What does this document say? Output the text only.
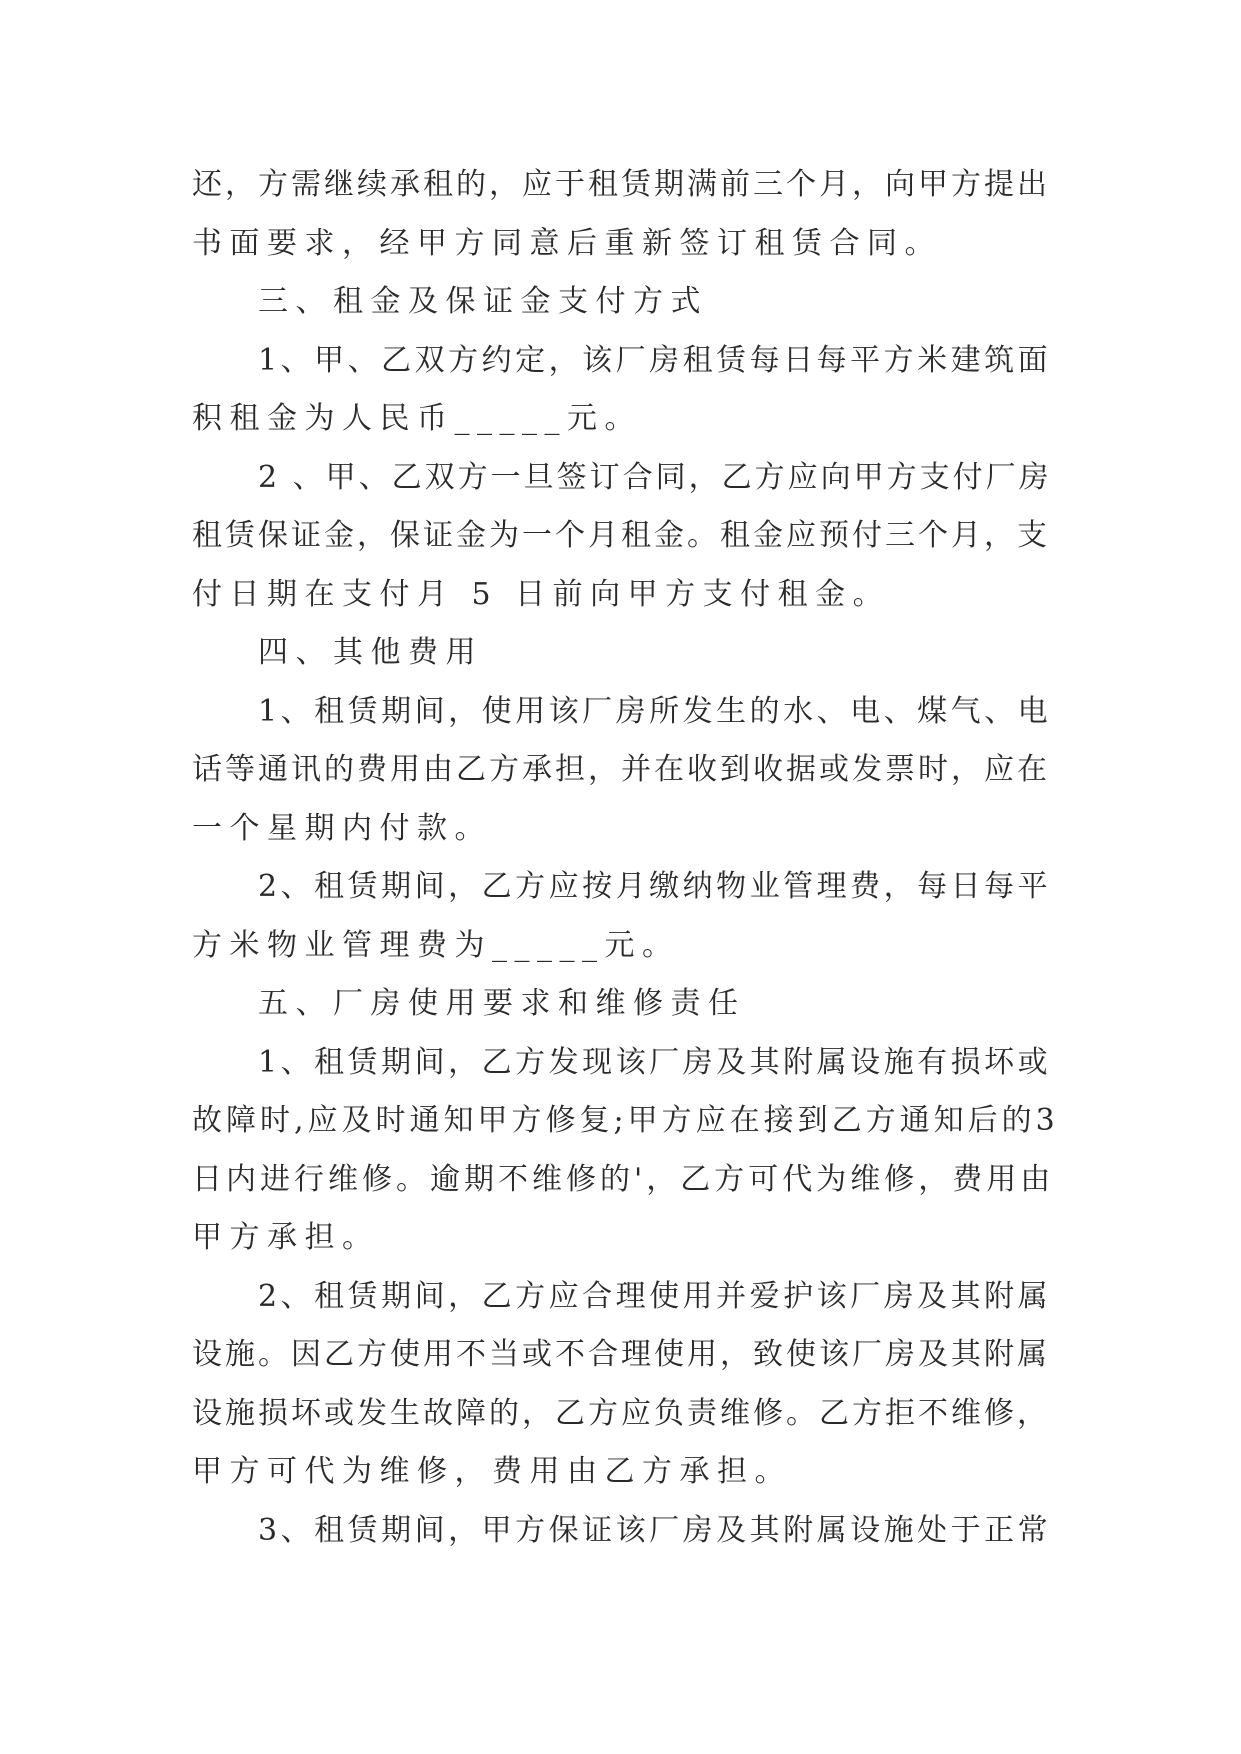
还，方需继续承租的，应于租赁期满前三个月，向甲方提出

书面要求，经甲方同意后重新签订租赁合同。

三、租金及保证金支付方式

1、甲、乙双方约定，该厂房租赁每日每平方米建筑面

积租金为人民币_____元。

2 、甲、乙双方一旦签订合同，乙方应向甲方支付厂房

租赁保证金，保证金为一个月租金。租金应预付三个月，支

付日期在支付月 5 日前向甲方支付租金。

四、其他费用

1、租赁期间，使用该厂房所发生的水、电、煤气、电

话等通讯的费用由乙方承担，并在收到收据或发票时，应在

一个星期内付款。

2、租赁期间，乙方应按月缴纳物业管理费，每日每平

方米物业管理费为_____元。

五、厂房使用要求和维修责任

1、租赁期间，乙方发现该厂房及其附属设施有损坏或

故障时,应及时通知甲方修复;甲方应在接到乙方通知后的3

日内进行维修。逾期不维修的'，乙方可代为维修，费用由

甲方承担。

2、租赁期间，乙方应合理使用并爱护该厂房及其附属

设施。因乙方使用不当或不合理使用，致使该厂房及其附属

设施损坏或发生故障的，乙方应负责维修。乙方拒不维修，

甲方可代为维修，费用由乙方承担。

3、租赁期间，甲方保证该厂房及其附属设施处于正常
